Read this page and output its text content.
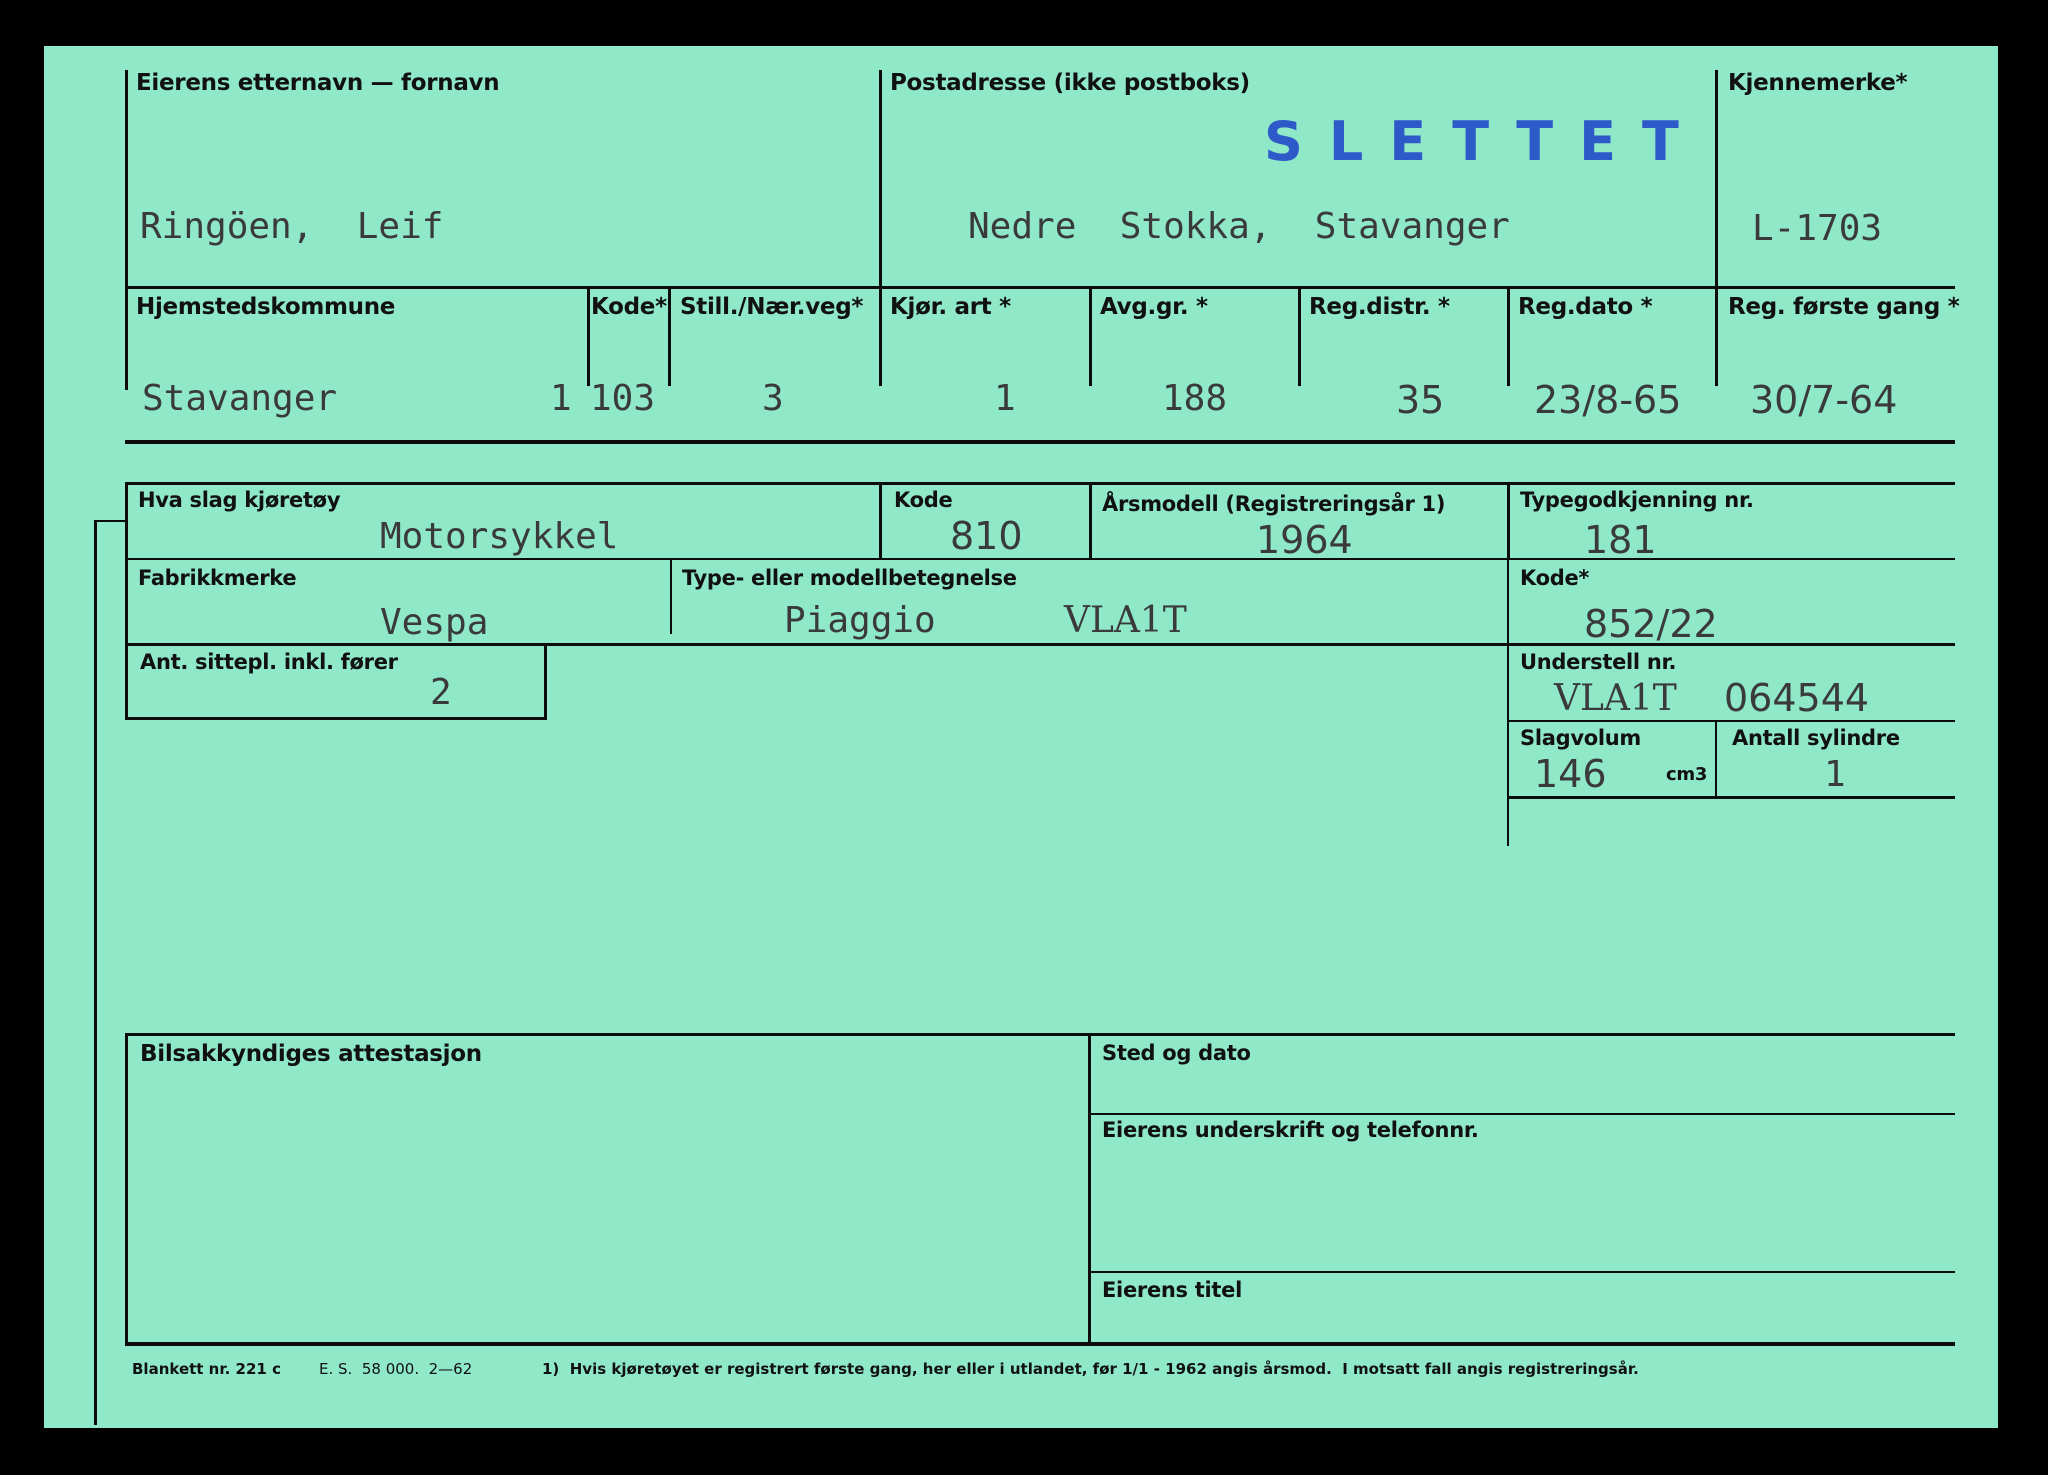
Eierens etternavn — fornavn
Ringöen,  Leif
Postadresse (ikke postboks)
SLETTET
Nedre  Stokka,  Stavanger
Kjennemerke*
L-1703
Hjemstedskommune
Stavanger	1
Kode*
103
Still./Nær.veg*
3
Kjør. art *
1
Avg.gr. *
188
Reg.distr. *
35
Reg.dato *
23/8-65
Reg. første gang *
30/7-64
Hva slag kjøretøy
Motorsykkel
Kode
810
Årsmodell (Registreringsår 1)
1964
Typegodkjenning nr.
181
Fabrikkmerke
Vespa
Type- eller modellbetegnelse
Piaggio	VLA1T
Kode*
852/22
Ant. sittepl. inkl. fører
2
Understell nr.
VLA1T 064544
Slagvolum
146	cm3
Antall sylindre
1
Bilsakkyndiges attestasjon	Sted og dato
Eierens underskrift og telefonnr.
Eierens titel
Blankett nr. 221 c	E. S.  58 000.  2—62	1)  Hvis kjøretøyet er registrert første gang, her eller i utlandet, før 1/1 - 1962 angis årsmod.  I motsatt fall angis registreringsår.
